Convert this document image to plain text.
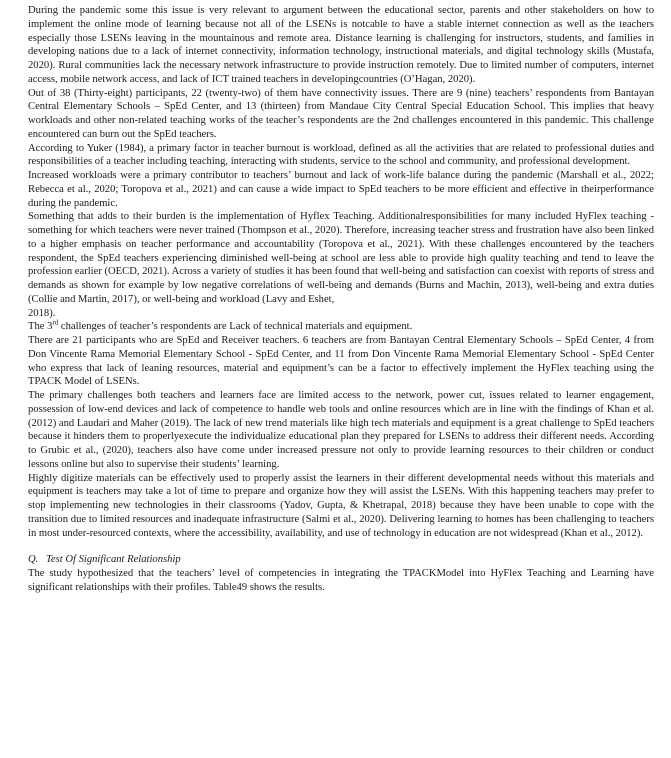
During the pandemic some this issue is very relevant to argument between the educational sector, parents and other stakeholders on how to implement the online mode of learning because not all of the LSENs is notcable to have a stable internet connection as well as the teachers especially those LSENs leaving in the mountainous and remote area. Distance learning is challenging for instructors, students, and families in developing nations due to a lack of internet connectivity, information technology, instructional materials, and digital technology skills (Mustafa, 2020). Rural communities lack the necessary network infrastructure to provide instruction remotely. Due to limited number of computers, internet access, mobile network access, and lack of ICT trained teachers in developingcountries (O’Hagan, 2020).

Out of 38 (Thirty-eight) participants, 22 (twenty-two) of them have connectivity issues. There are 9 (nine) teachers’ respondents from Bantayan Central Elementary Schools – SpEd Center, and 13 (thirteen) from Mandaue City Central Special Education School. This implies that heavy workloads and other non-related teaching works of the teacher’s respondents are the 2nd challenges encountered in this pandemic. This challenge encountered can burn out the SpEd teachers.

According to Yuker (1984), a primary factor in teacher burnout is workload, defined as all the activities that are related to professional duties and responsibilities of a teacher including teaching, interacting with students, service to the school and community, and professional development.

Increased workloads were a primary contributor to teachers’ burnout and lack of work-life balance during the pandemic (Marshall et al., 2022; Rebecca et al., 2020; Toropova et al., 2021) and can cause a wide impact to SpEd teachers to be more efficient and effective in theirperformance during the pandemic.

Something that adds to their burden is the implementation of Hyflex Teaching. Additionalresponsibilities for many included HyFlex teaching - something for which teachers were never trained (Thompson et al., 2020). Therefore, increasing teacher stress and frustration have also been linked to a higher emphasis on teacher performance and accountability (Toropova et al., 2021). With these challenges encountered by the teachers respondent, the SpEd teachers experiencing diminished well-being at school are less able to provide high quality teaching and tend to leave the profession earlier (OECD, 2021). Across a variety of studies it has been found that well-being and satisfaction can coexist with reports of stress and demands as shown for example by low negative correlations of well-being and demands (Burns and Machin, 2013), well-being and extra duties (Collie and Martin, 2017), or well-being and workload (Lavy and Eshet,

2018).

The 3rd challenges of teacher’s respondents are Lack of technical materials and equipment.

There are 21 participants who are SpEd and Receiver teachers. 6 teachers are from Bantayan Central Elementary Schools – SpEd Center, 4 from Don Vincente Rama Memorial Elementary School - SpEd Center, and 11 from Don Vincente Rama Memorial Elementary School - SpEd Center who express that lack of leaning resources, material and equipment’s can be a factor to effectively implement the HyFlex teaching using the TPACK Model of LSENs.

The primary challenges both teachers and learners face are limited access to the network, power cut, issues related to learner engagement, possession of low-end devices and lack of competence to handle web tools and online resources which are in line with the findings of Khan et al. (2012) and Laudari and Maher (2019). The lack of new trend materials like high tech materials and equipment is a great challenge to SpEd teachers because it hinders them to properlyexecute the individualize educational plan they prepared for LSENs to address their different needs. According to Grubic et al., (2020), teachers also have come under increased pressure not only to provide learning resources to their children or conduct lessons online but also to supervise their students’ learning.

Highly digitize materials can be effectively used to properly assist the learners in their different developmental needs without this materials and equipment is teachers may take a lot of time to prepare and organize how they will assist the LSENs. With this happening teachers may prefer to stop implementing new technologies in their classrooms (Yadov, Gupta, & Khetrapal, 2018) because they have been unable to cope with the transition due to limited resources and inadequate infrastructure (Salmi et al., 2020). Delivering learning to homes has been challenging to teachers in most under-resourced contexts, where the accessibility, availability, and use of technology in education are not widespread (Khan et al., 2012).

Q. Test Of Significant Relationship

The study hypothesized that the teachers’ level of competencies in integrating the TPACKModel into HyFlex Teaching and Learning have significant relationships with their profiles. Table49 shows the results.
